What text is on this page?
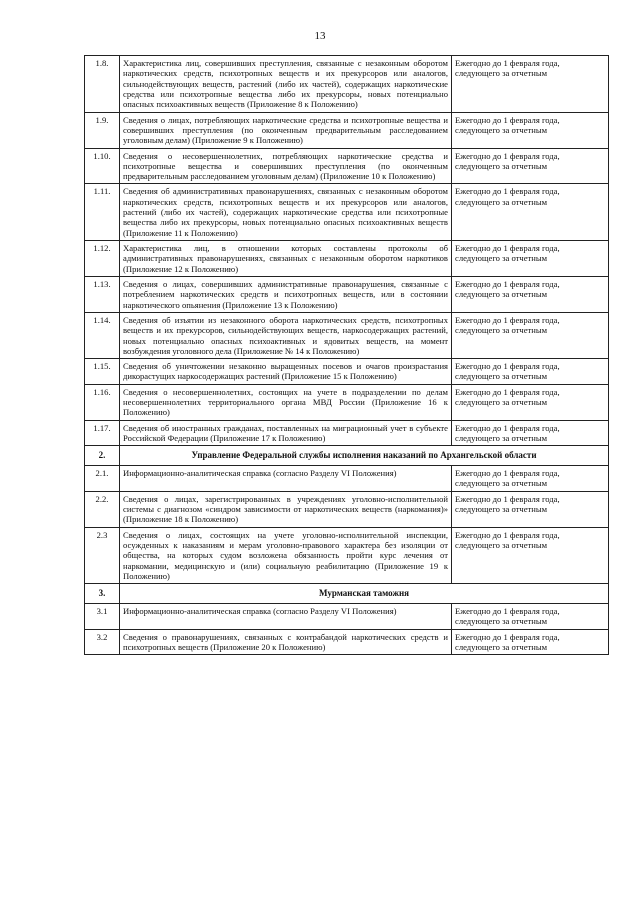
13
1.8.	Характеристика лиц, совершивших преступления, связанные с незаконным оборотом наркотических средств, психотропных веществ и их прекурсоров или аналогов, сильнодействующих веществ, растений (либо их частей), содержащих наркотические средства или психотропные вещества либо их прекурсоры, новых потенциально опасных психоактивных веществ (Приложение 8 к Положению)	Ежегодно до 1 февраля года, следующего за отчетным
1.9.	Сведения о лицах, потребляющих наркотические средства и психотропные вещества и совершивших преступления (по оконченным предварительным расследованием уголовным делам) (Приложение 9 к Положению)	Ежегодно до 1 февраля года, следующего за отчетным
1.10.	Сведения о несовершеннолетних, потребляющих наркотические средства и психотропные вещества и совершивших преступления (по оконченным предварительным расследованием уголовным делам) (Приложение 10 к Положению)	Ежегодно до 1 февраля года, следующего за отчетным
1.11.	Сведения об административных правонарушениях, связанных с незаконным оборотом наркотических средств, психотропных веществ и их прекурсоров или аналогов, растений (либо их частей), содержащих наркотические средства или психотропные вещества либо их прекурсоры, новых потенциально опасных психоактивных веществ (Приложение 11 к Положению)	Ежегодно до 1 февраля года, следующего за отчетным
1.12.	Характеристика лиц, в отношении которых составлены протоколы об административных правонарушениях, связанных с незаконным оборотом наркотиков (Приложение 12 к Положению)	Ежегодно до 1 февраля года, следующего за отчетным
1.13.	Сведения о лицах, совершивших административные правонарушения, связанные с потреблением наркотических средств и психотропных веществ, или в состоянии наркотического опьянения (Приложение 13 к Положению)	Ежегодно до 1 февраля года, следующего за отчетным
1.14.	Сведения об изъятии из незаконного оборота наркотических средств, психотропных веществ и их прекурсоров, сильнодействующих веществ, наркосодержащих растений, новых потенциально опасных психоактивных и ядовитых веществ, на момент возбуждения уголовного дела (Приложение № 14 к Положению)	Ежегодно до 1 февраля года, следующего за отчетным
1.15.	Сведения об уничтожении незаконно выращенных посевов и очагов произрастания дикорастущих наркосодержащих растений (Приложение 15 к Положению)	Ежегодно до 1 февраля года, следующего за отчетным
1.16.	Сведения о несовершеннолетних, состоящих на учете в подразделении по делам несовершеннолетних территориального органа МВД России (Приложение 16 к Положению)	Ежегодно до 1 февраля года, следующего за отчетным
1.17.	Сведения об иностранных гражданах, поставленных на миграционный учет в субъекте Российской Федерации (Приложение 17 к Положению)	Ежегодно до 1 февраля года, следующего за отчетным
2.	Управление Федеральной службы исполнения наказаний по Архангельской области	
2.1.	Информационно-аналитическая справка (согласно Разделу VI Положения)	Ежегодно до 1 февраля года, следующего за отчетным
2.2.	Сведения о лицах, зарегистрированных в учреждениях уголовно-исполнительной системы с диагнозом «синдром зависимости от наркотических веществ (наркомания)» (Приложение 18 к Положению)	Ежегодно до 1 февраля года, следующего за отчетным
2.3	Сведения о лицах, состоящих на учете уголовно-исполнительной инспекции, осужденных к наказаниям и мерам уголовно-правового характера без изоляции от общества, на которых судом возложена обязанность пройти курс лечения от наркомании, медицинскую и (или) социальную реабилитацию (Приложение 19 к Положению)	Ежегодно до 1 февраля года, следующего за отчетным
3.	Мурманская таможня	
3.1	Информационно-аналитическая справка (согласно Разделу VI Положения)	Ежегодно до 1 февраля года, следующего за отчетным
3.2	Сведения о правонарушениях, связанных с контрабандой наркотических средств и психотропных веществ (Приложение 20 к Положению)	Ежегодно до 1 февраля года, следующего за отчетным
